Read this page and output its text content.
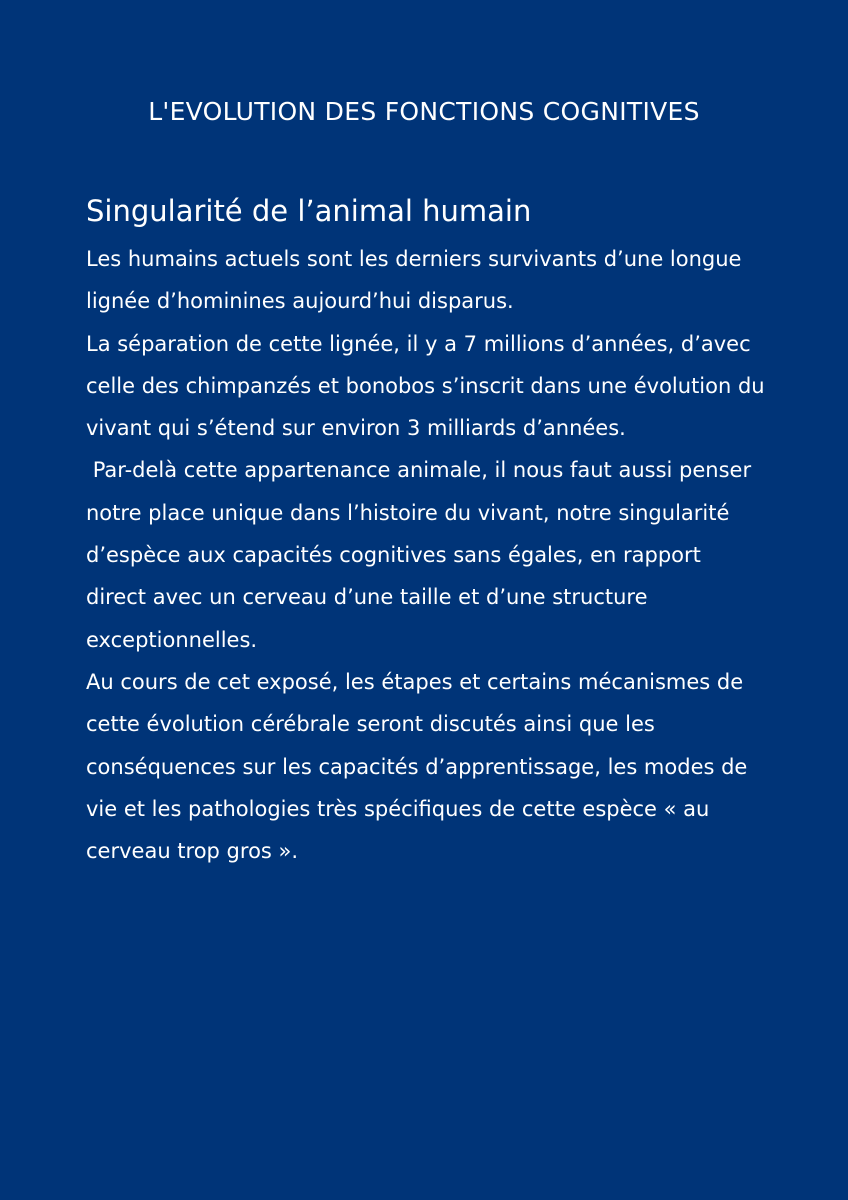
L'EVOLUTION DES FONCTIONS COGNITIVES
Singularité de l’animal humain

Les humains actuels sont les derniers survivants d’une longue lignée d’hominines aujourd’hui disparus.

La séparation de cette lignée, il y a 7 millions d’années, d’avec celle des chimpanzés et bonobos s’inscrit dans une évolution du vivant qui s’étend sur environ 3 milliards d’années.

Par-delà cette appartenance animale, il nous faut aussi penser notre place unique dans l’histoire du vivant, notre singularité d’espèce aux capacités cognitives sans égales, en rapport direct avec un cerveau d’une taille et d’une structure exceptionnelles.

Au cours de cet exposé, les étapes et certains mécanismes de cette évolution cérébrale seront discutés ainsi que les conséquences sur les capacités d’apprentissage, les modes de vie et les pathologies très spécifiques de cette espèce « au cerveau trop gros ».
